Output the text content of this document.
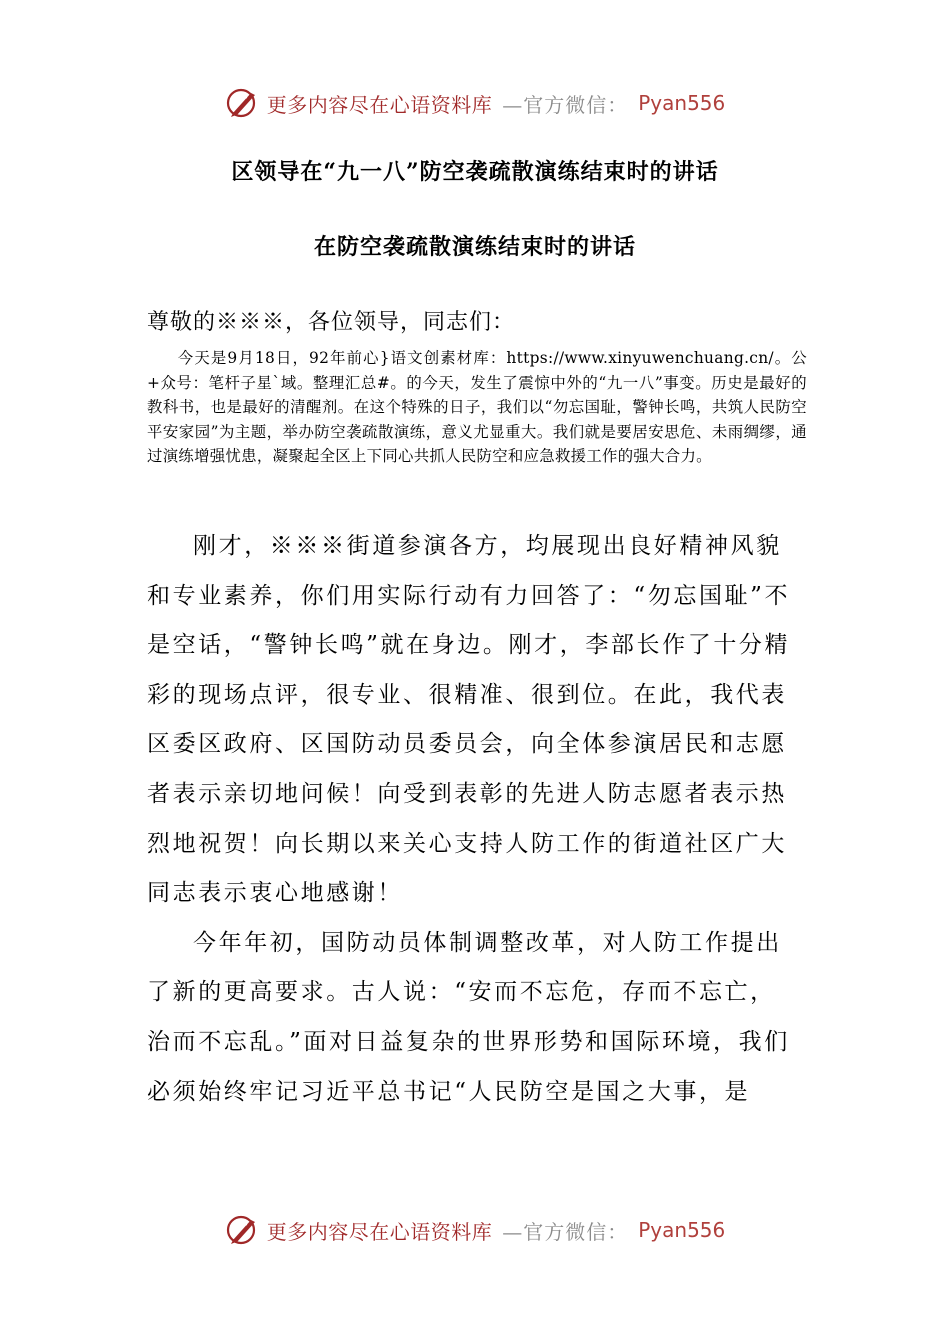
更多内容尽在心语资料库 —官方微信： Pyan556
区领导在“九一八”防空袭疏散演练结束时的讲话
在防空袭疏散演练结束时的讲话
尊敬的※※※，各位领导，同志们：
今天是9月18日，92年前心}语文创素材库：https://www.xinyuwenchuang.cn/。公+众号：笔杆子星`域。整理汇总#。的今天，发生了震惊中外的“九一八”事变。历史是最好的教科书，也是最好的清醒剂。在这个特殊的日子，我们以“勿忘国耻，警钟长鸣，共筑人民防空平安家园”为主题，举办防空袭疏散演练，意义尤显重大。我们就是要居安思危、未雨绸缪，通过演练增强忧患，凝聚起全区上下同心共抓人民防空和应急救援工作的强大合力。

刚才，※※※街道参演各方，均展现出良好精神风貌和专业素养，你们用实际行动有力回答了：“勿忘国耻”不是空话，“警钟长鸣”就在身边。刚才，李部长作了十分精彩的现场点评，很专业、很精准、很到位。在此，我代表区委区政府、区国防动员委员会，向全体参演居民和志愿者表示亲切地问候！向受到表彰的先进人防志愿者表示热烈地祝贺！向长期以来关心支持人防工作的街道社区广大同志表示衷心地感谢！

今年年初，国防动员体制调整改革，对人防工作提出了新的更高要求。古人说：“安而不忘危，存而不忘亡，治而不忘乱。”面对日益复杂的世界形势和国际环境，我们必须始终牢记习近平总书记“人民防空是国之大事，是

更多内容尽在心语资料库 —官方微信： Pyan556
